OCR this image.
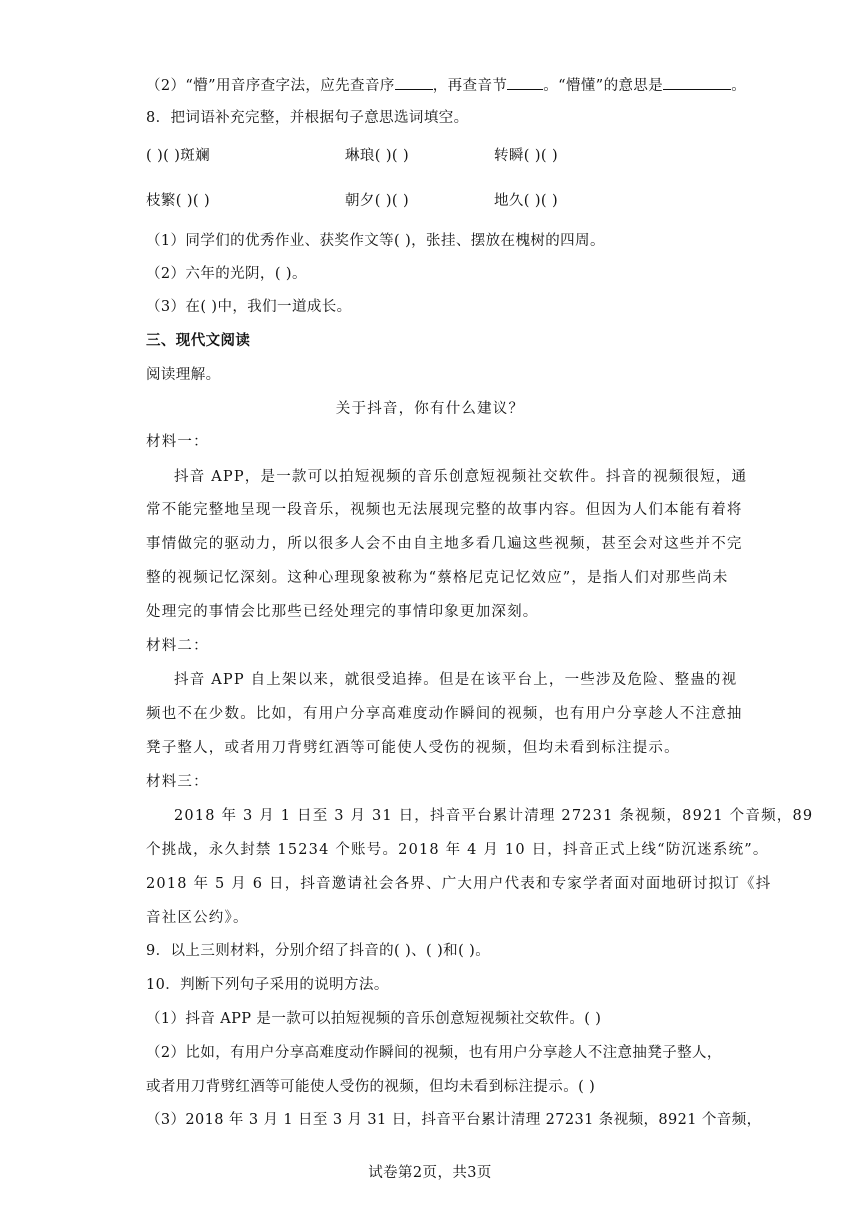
（2）“懵”用音序查字法，应先查音序	，再查音节 。“懵懂”的意思是	。
8．把词语补充完整，并根据句子意思选词填空。
( )( )斑斓	琳琅( )( )	转瞬( )( )
枝繁( )( )	朝夕( )( )	地久( )( )
（1）同学们的优秀作业、获奖作文等( )，张挂、摆放在槐树的四周。
（2）六年的光阴，( )。
（3）在( )中，我们一道成长。
三、现代文阅读
阅读理解。
关于抖音，你有什么建议？
材料一：
抖音 APP，是一款可以拍短视频的音乐创意短视频社交软件。抖音的视频很短，通
常不能完整地呈现一段音乐，视频也无法展现完整的故事内容。但因为人们本能有着将
事情做完的驱动力，所以很多人会不由自主地多看几遍这些视频，甚至会对这些并不完
整的视频记忆深刻。这种心理现象被称为“蔡格尼克记忆效应”，是指人们对那些尚未
处理完的事情会比那些已经处理完的事情印象更加深刻。
材料二：
抖音 APP 自上架以来，就很受追捧。但是在该平台上，一些涉及危险、整蛊的视
频也不在少数。比如，有用户分享高难度动作瞬间的视频，也有用户分享趁人不注意抽
凳子整人，或者用刀背劈红酒等可能使人受伤的视频，但均未看到标注提示。
材料三：
2018 年 3 月 1 日至 3 月 31 日，抖音平台累计清理 27231 条视频，8921 个音频，89
个挑战，永久封禁 15234 个账号。2018 年 4 月 10 日，抖音正式上线“防沉迷系统”。
2018 年 5 月 6 日，抖音邀请社会各界、广大用户代表和专家学者面对面地研讨拟订《抖
音社区公约》。
9．以上三则材料，分别介绍了抖音的( )、( )和( )。
10．判断下列句子采用的说明方法。
（1）抖音 APP 是一款可以拍短视频的音乐创意短视频社交软件。( )
（2）比如，有用户分享高难度动作瞬间的视频，也有用户分享趁人不注意抽凳子整人，
或者用刀背劈红酒等可能使人受伤的视频，但均未看到标注提示。( )
（3）2018 年 3 月 1 日至 3 月 31 日，抖音平台累计清理 27231 条视频，8921 个音频，
试卷第2页，共3页
